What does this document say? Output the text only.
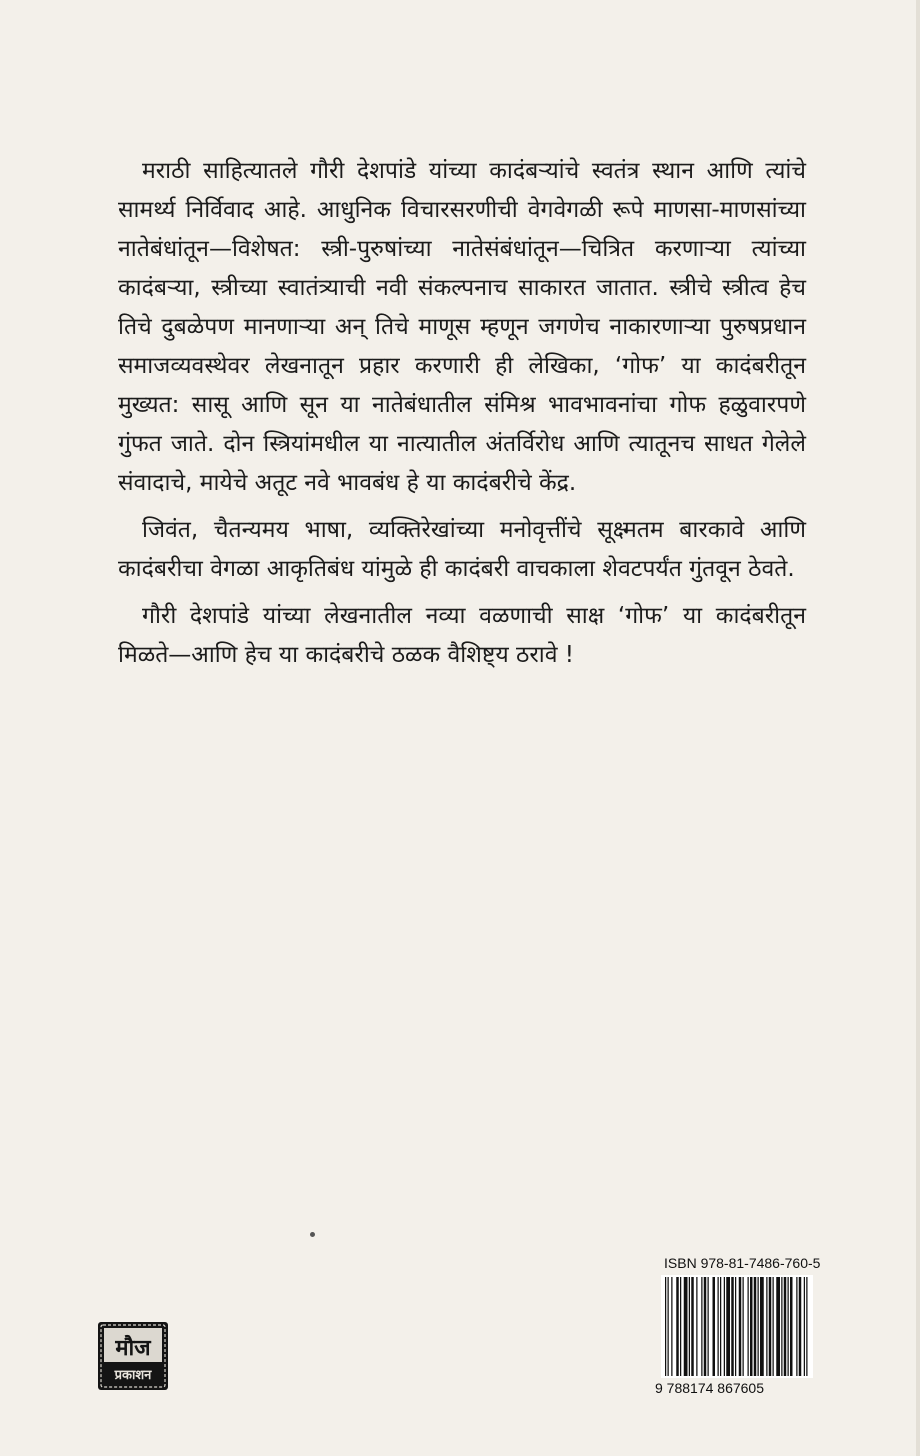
मराठी साहित्यातले गौरी देशपांडे यांच्या कादंबऱ्यांचे स्वतंत्र स्थान आणि त्यांचे सामर्थ्य निर्विवाद आहे. आधुनिक विचारसरणीची वेगवेगळी रूपे माणसा-माणसांच्या नातेबंधांतून—विशेषत: स्त्री-पुरुषांच्या नातेसंबंधांतून—चित्रित करणाऱ्या त्यांच्या कादंबऱ्या, स्त्रीच्या स्वातंत्र्याची नवी संकल्पनाच साकारत जातात. स्त्रीचे स्त्रीत्व हेच तिचे दुबळेपण मानणाऱ्या अन् तिचे माणूस म्हणून जगणेच नाकारणाऱ्या पुरुषप्रधान समाजव्यवस्थेवर लेखनातून प्रहार करणारी ही लेखिका, ‘गोफ’ या कादंबरीतून मुख्यत: सासू आणि सून या नातेबंधातील संमिश्र भावभावनांचा गोफ हळुवारपणे गुंफत जाते. दोन स्त्रियांमधील या नात्यातील अंतर्विरोध आणि त्यातूनच साधत गेलेले संवादाचे, मायेचे अतूट नवे भावबंध हे या कादंबरीचे केंद्र.

जिवंत, चैतन्यमय भाषा, व्यक्तिरेखांच्या मनोवृत्तींचे सूक्ष्मतम बारकावे आणि कादंबरीचा वेगळा आकृतिबंध यांमुळे ही कादंबरी वाचकाला शेवटपर्यंत गुंतवून ठेवते.

गौरी देशपांडे यांच्या लेखनातील नव्या वळणाची साक्ष ‘गोफ’ या कादंबरीतून मिळते—आणि हेच या कादंबरीचे ठळक वैशिष्ट्य ठरावे !

ISBN 978-81-7486-760-5
9 788174 867605
मौज
प्रकाशन
